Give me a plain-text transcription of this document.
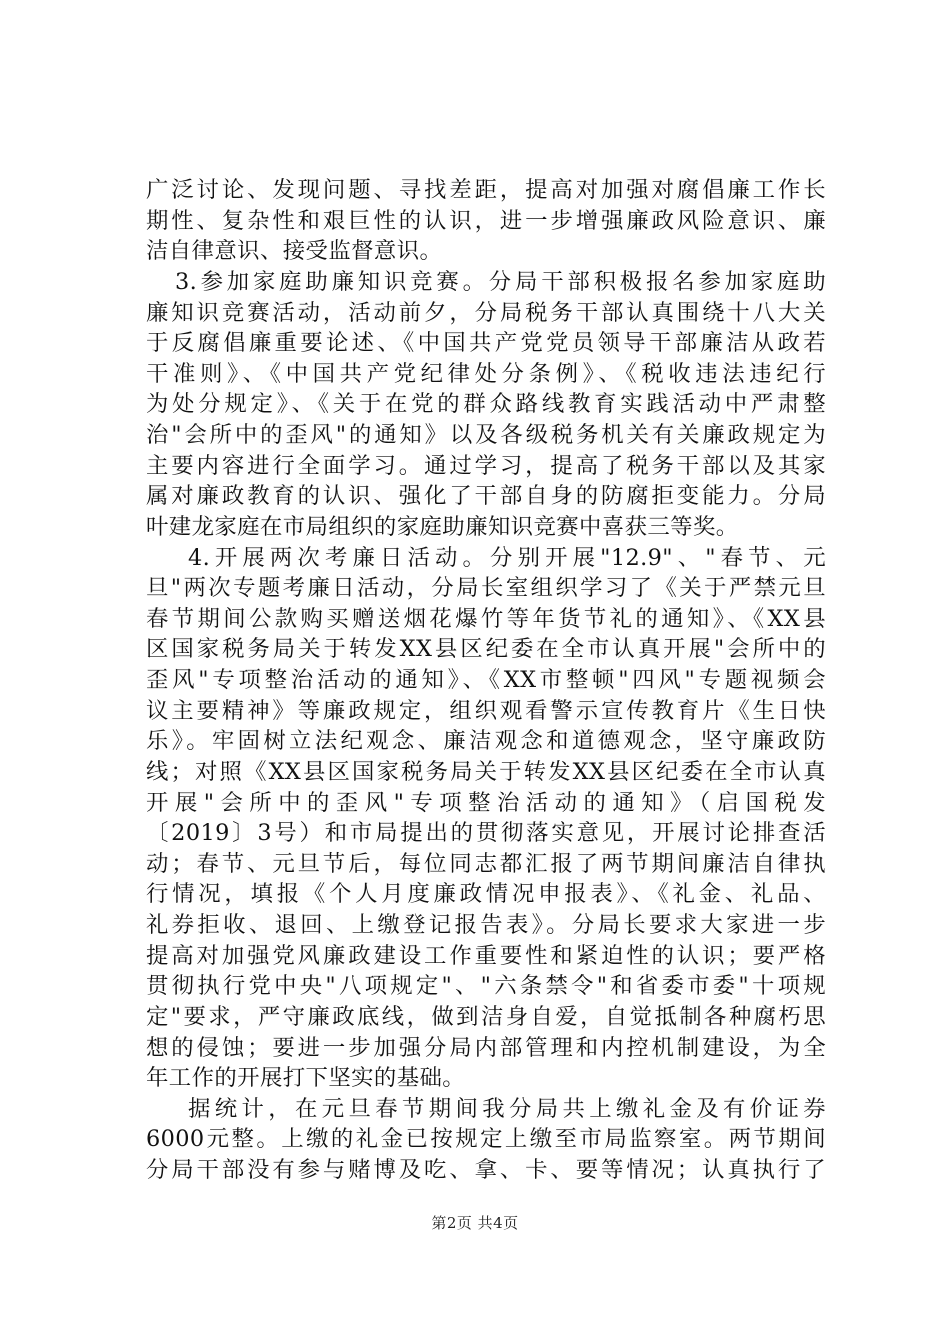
广泛讨论、发现问题、寻找差距，提高对加强对腐倡廉工作长
期性、复杂性和艰巨性的认识，进一步增强廉政风险意识、廉
洁自律意识、接受监督意识。
3.参加家庭助廉知识竞赛。分局干部积极报名参加家庭助
廉知识竞赛活动，活动前夕，分局税务干部认真围绕十八大关
于反腐倡廉重要论述、《中国共产党党员领导干部廉洁从政若
干准则》、《中国共产党纪律处分条例》、《税收违法违纪行
为处分规定》、《关于在党的群众路线教育实践活动中严肃整
治"会所中的歪风"的通知》以及各级税务机关有关廉政规定为
主要内容进行全面学习。通过学习，提高了税务干部以及其家
属对廉政教育的认识、强化了干部自身的防腐拒变能力。分局
叶建龙家庭在市局组织的家庭助廉知识竞赛中喜获三等奖。
4.开展两次考廉日活动。分别开展"12.9"、"春节、元
旦"两次专题考廉日活动，分局长室组织学习了《关于严禁元旦
春节期间公款购买赠送烟花爆竹等年货节礼的通知》、《XX县
区国家税务局关于转发XX县区纪委在全市认真开展"会所中的
歪风"专项整治活动的通知》、《XX市整顿"四风"专题视频会
议主要精神》等廉政规定，组织观看警示宣传教育片《生日快
乐》。牢固树立法纪观念、廉洁观念和道德观念，坚守廉政防
线；对照《XX县区国家税务局关于转发XX县区纪委在全市认真
开展"会所中的歪风"专项整治活动的通知》（启国税发
〔2019〕3号）和市局提出的贯彻落实意见，开展讨论排查活
动；春节、元旦节后，每位同志都汇报了两节期间廉洁自律执
行情况，填报《个人月度廉政情况申报表》、《礼金、礼品、
礼券拒收、退回、上缴登记报告表》。分局长要求大家进一步
提高对加强党风廉政建设工作重要性和紧迫性的认识；要严格
贯彻执行党中央"八项规定"、"六条禁令"和省委市委"十项规
定"要求，严守廉政底线，做到洁身自爱，自觉抵制各种腐朽思
想的侵蚀；要进一步加强分局内部管理和内控机制建设，为全
年工作的开展打下坚实的基础。
据统计，在元旦春节期间我分局共上缴礼金及有价证券
6000元整。上缴的礼金已按规定上缴至市局监察室。两节期间
分局干部没有参与赌博及吃、拿、卡、要等情况；认真执行了
第2页 共4页
